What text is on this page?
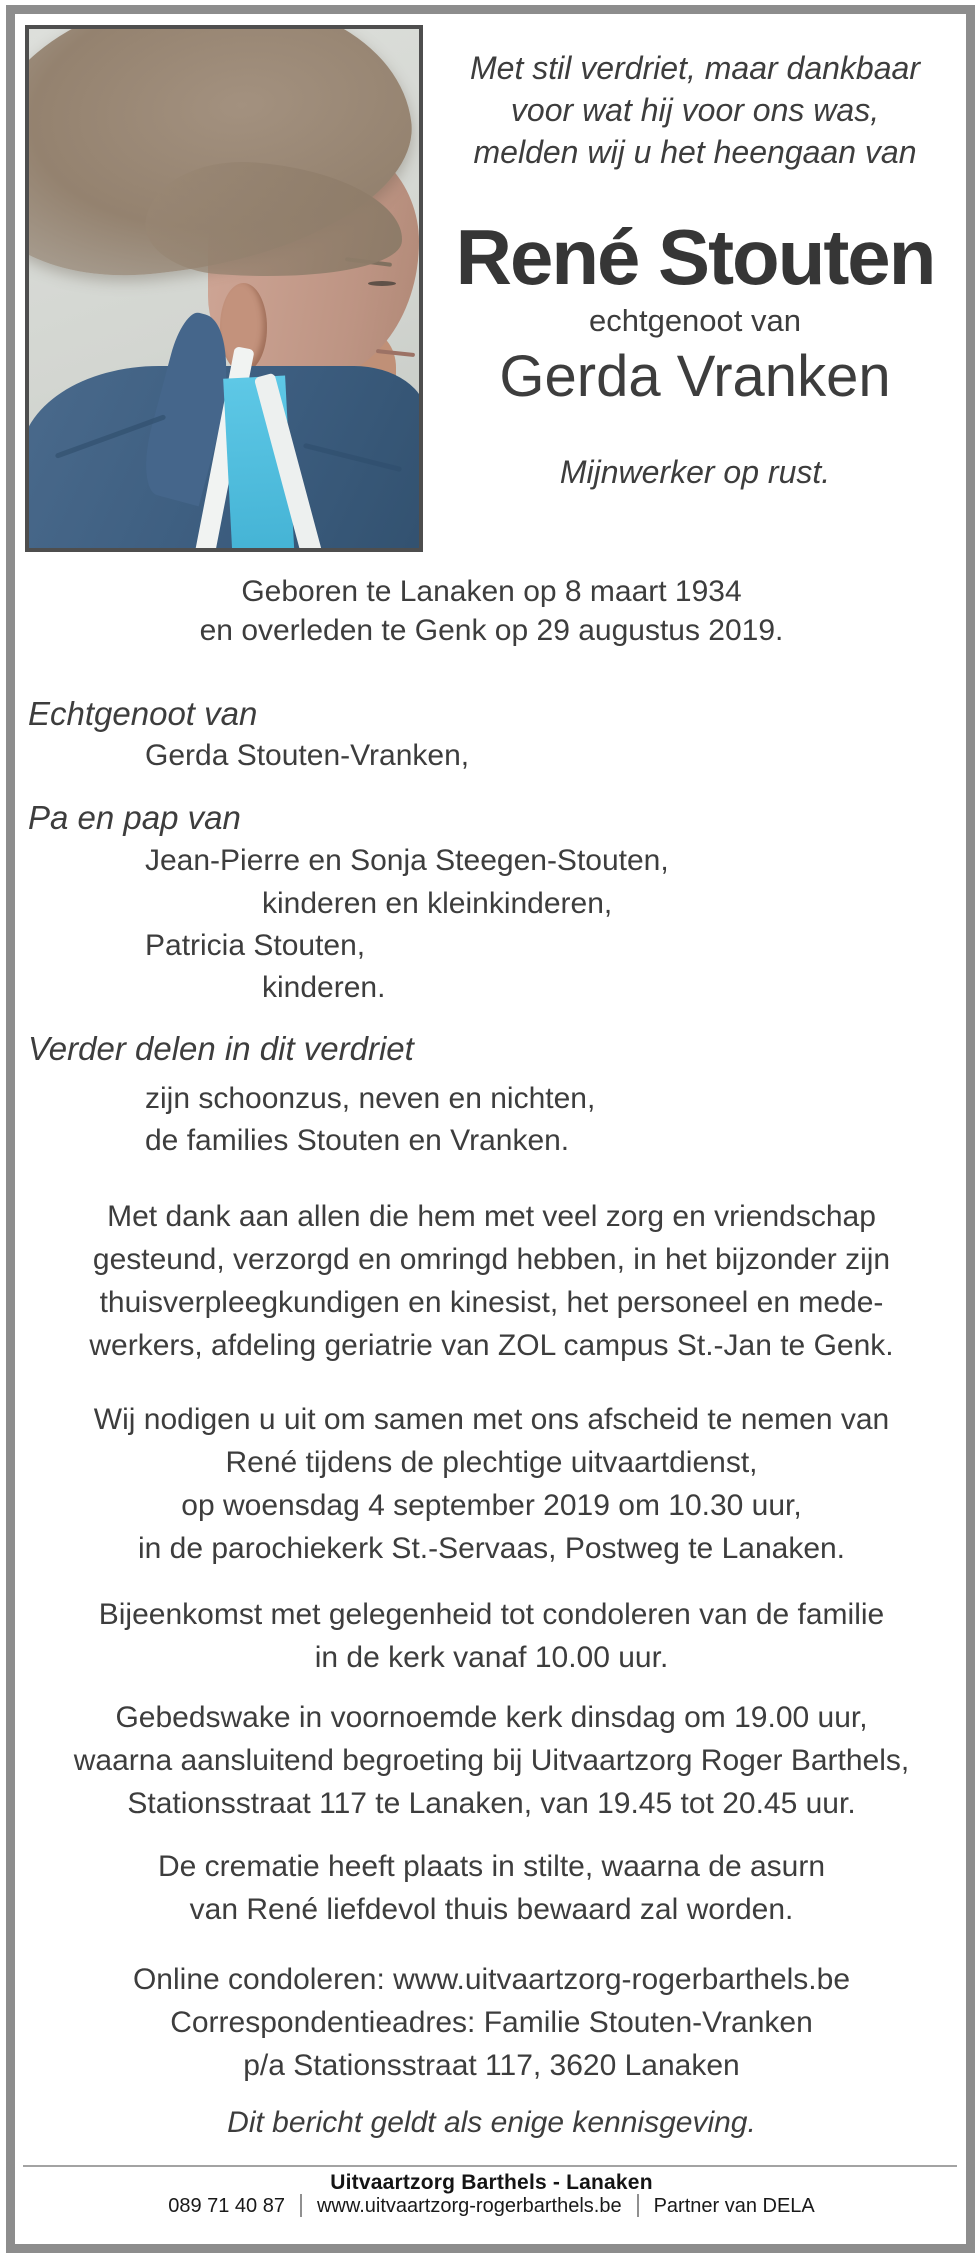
Met stil verdriet, maar dankbaar
voor wat hij voor ons was,
melden wij u het heengaan van
René Stouten
echtgenoot van
Gerda Vranken
Mijnwerker op rust.
Geboren te Lanaken op 8 maart 1934
en overleden te Genk op 29 augustus 2019.
Echtgenoot van
Gerda Stouten-Vranken,
Pa en pap van
Jean-Pierre en Sonja Steegen-Stouten,
kinderen en kleinkinderen,
Patricia Stouten,
kinderen.
Verder delen in dit verdriet
zijn schoonzus, neven en nichten,
de families Stouten en Vranken.
Met dank aan allen die hem met veel zorg en vriendschap
gesteund, verzorgd en omringd hebben, in het bijzonder zijn
thuisverpleegkundigen en kinesist, het personeel en mede-
werkers, afdeling geriatrie van ZOL campus St.-Jan te Genk.
Wij nodigen u uit om samen met ons afscheid te nemen van
René tijdens de plechtige uitvaartdienst,
op woensdag 4 september 2019 om 10.30 uur,
in de parochiekerk St.-Servaas, Postweg te Lanaken.
Bijeenkomst met gelegenheid tot condoleren van de familie
in de kerk vanaf 10.00 uur.
Gebedswake in voornoemde kerk dinsdag om 19.00 uur,
waarna aansluitend begroeting bij Uitvaartzorg Roger Barthels,
Stationsstraat 117 te Lanaken, van 19.45 tot 20.45 uur.
De crematie heeft plaats in stilte, waarna de asurn
van René liefdevol thuis bewaard zal worden.
Online condoleren: www.uitvaartzorg-rogerbarthels.be
Correspondentieadres: Familie Stouten-Vranken
p/a Stationsstraat 117, 3620 Lanaken
Dit bericht geldt als enige kennisgeving.
Uitvaartzorg Barthels - Lanaken
089 71 40 87 www.uitvaartzorg-rogerbarthels.be Partner van DELA
